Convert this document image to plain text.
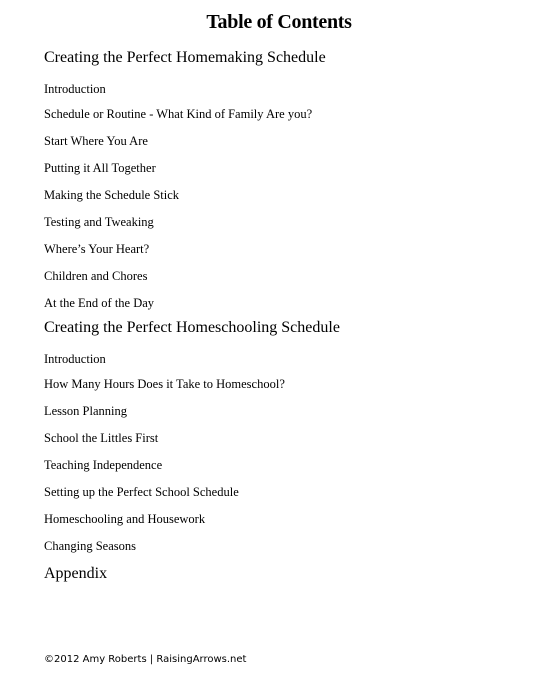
Table of Contents
Creating the Perfect Homemaking Schedule
Introduction
Schedule or Routine - What Kind of Family Are you?
Start Where You Are
Putting it All Together
Making the Schedule Stick
Testing and Tweaking
Where’s Your Heart?
Children and Chores
At the End of the Day
Creating the Perfect Homeschooling Schedule
Introduction
How Many Hours Does it Take to Homeschool?
Lesson Planning
School the Littles First
Teaching Independence
Setting up the Perfect School Schedule
Homeschooling and Housework
Changing Seasons
Appendix
©2012 Amy Roberts | RaisingArrows.net
